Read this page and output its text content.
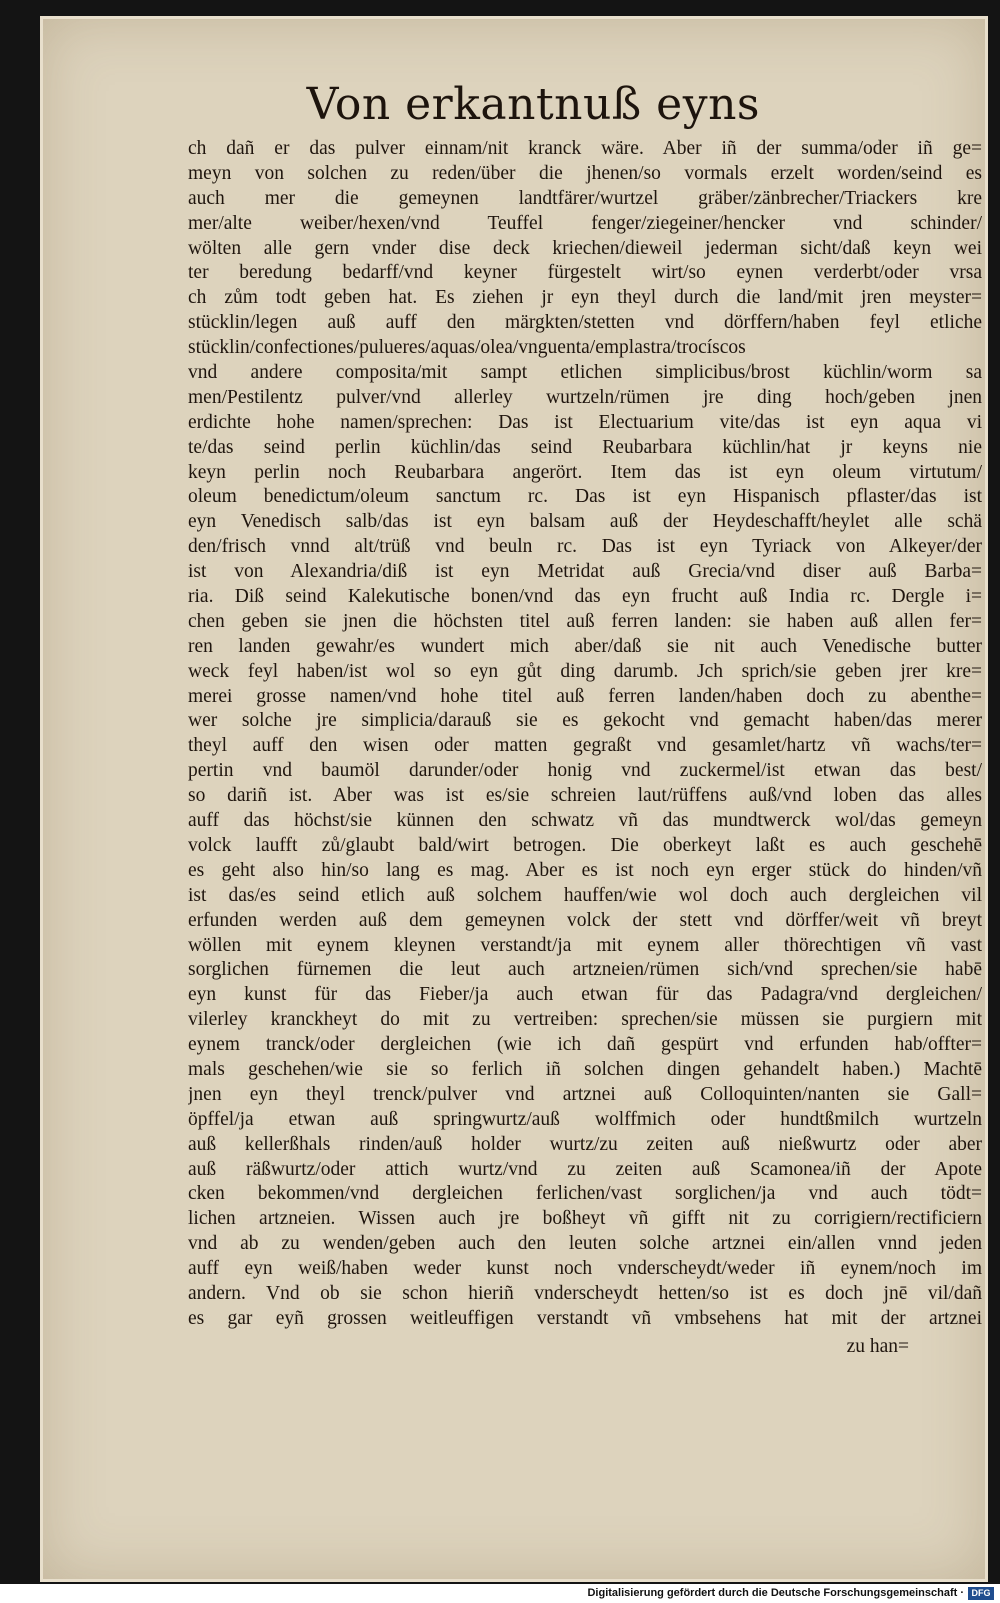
Von erkantnuß eyns
ch dañ er das pulver einnam/nit kranck wäre. Aber iñ der summa/oder iñ ge=
meyn von solchen zu reden/über die jhenen/so vormals erzelt worden/seind es
auch mer die gemeynen landtfärer/wurtzel gräber/zänbrecher/Triackers kre
mer/alte weiber/hexen/vnd Teuffel fenger/ziegeiner/hencker vnd schinder/
wölten alle gern vnder dise deck kriechen/dieweil jederman sicht/daß keyn wei
ter beredung bedarff/vnd keyner fürgestelt wirt/so eynen verderbt/oder vrsa
ch zům todt geben hat. Es ziehen jr eyn theyl durch die land/mit jren meyster=
stücklin/legen auß auff den märgkten/stetten vnd dörffern/haben feyl etliche
stücklin/confectiones/pulueres/aquas/olea/vnguenta/emplastra/trocíscos
vnd andere composita/mit sampt etlichen simplicibus/brost küchlin/worm sa
men/Pestilentz pulver/vnd allerley wurtzeln/rümen jre ding hoch/geben jnen
erdichte hohe namen/sprechen: Das ist Electuarium vite/das ist eyn aqua vi
te/das seind perlin küchlin/das seind Reubarbara küchlin/hat jr keyns nie
keyn perlin noch Reubarbara angerört. Item das ist eyn oleum virtutum/
oleum benedictum/oleum sanctum rc. Das ist eyn Hispanisch pflaster/das ist
eyn Venedisch salb/das ist eyn balsam auß der Heydeschafft/heylet alle schä
den/frisch vnnd alt/trüß vnd beuln rc. Das ist eyn Tyriack von Alkeyer/der
ist von Alexandria/diß ist eyn Metridat auß Grecia/vnd diser auß Barba=
ria. Diß seind Kalekutische bonen/vnd das eyn frucht auß India rc. Dergle i=
chen geben sie jnen die höchsten titel auß ferren landen: sie haben auß allen fer=
ren landen gewahr/es wundert mich aber/daß sie nit auch Venedische butter
weck feyl haben/ist wol so eyn gůt ding darumb. Jch sprich/sie geben jrer kre=
merei grosse namen/vnd hohe titel auß ferren landen/haben doch zu abenthe=
wer solche jre simplicia/darauß sie es gekocht vnd gemacht haben/das merer
theyl auff den wisen oder matten gegraßt vnd gesamlet/hartz vñ wachs/ter=
pertin vnd baumöl darunder/oder honig vnd zuckermel/ist etwan das best/
so dariñ ist. Aber was ist es/sie schreien laut/rüffens auß/vnd loben das alles
auff das höchst/sie künnen den schwatz vñ das mundtwerck wol/das gemeyn
volck laufft zů/glaubt bald/wirt betrogen. Die oberkeyt laßt es auch geschehē
es geht also hin/so lang es mag. Aber es ist noch eyn erger stück do hinden/vñ
ist das/es seind etlich auß solchem hauffen/wie wol doch auch dergleichen vil
erfunden werden auß dem gemeynen volck der stett vnd dörffer/weit vñ breyt
wöllen mit eynem kleynen verstandt/ja mit eynem aller thörechtigen vñ vast
sorglichen fürnemen die leut auch artzneien/rümen sich/vnd sprechen/sie habē
eyn kunst für das Fieber/ja auch etwan für das Padagra/vnd dergleichen/
vilerley kranckheyt do mit zu vertreiben: sprechen/sie müssen sie purgiern mit
eynem tranck/oder dergleichen (wie ich dañ gespürt vnd erfunden hab/offter=
mals geschehen/wie sie so ferlich iñ solchen dingen gehandelt haben.) Machtē
jnen eyn theyl trenck/pulver vnd artznei auß Colloquinten/nanten sie Gall=
öpffel/ja etwan auß springwurtz/auß wolffmich oder hundtßmilch wurtzeln
auß kellerßhals rinden/auß holder wurtz/zu zeiten auß nießwurtz oder aber
auß räßwurtz/oder attich wurtz/vnd zu zeiten auß Scamonea/iñ der Apote
cken bekommen/vnd dergleichen ferlichen/vast sorglichen/ja vnd auch tödt=
lichen artzneien. Wissen auch jre boßheyt vñ gifft nit zu corrigiern/rectificiern
vnd ab zu wenden/geben auch den leuten solche artznei ein/allen vnnd jeden
auff eyn weiß/haben weder kunst noch vnderscheydt/weder iñ eynem/noch im
andern. Vnd ob sie schon hieriñ vnderscheydt hetten/so ist es doch jnē vil/dañ
es gar eyñ grossen weitleuffigen verstandt vñ vmbsehens hat mit der artznei
zu han=
Digitalisierung gefördert durch die Deutsche Forschungsgemeinschaft · DFG
